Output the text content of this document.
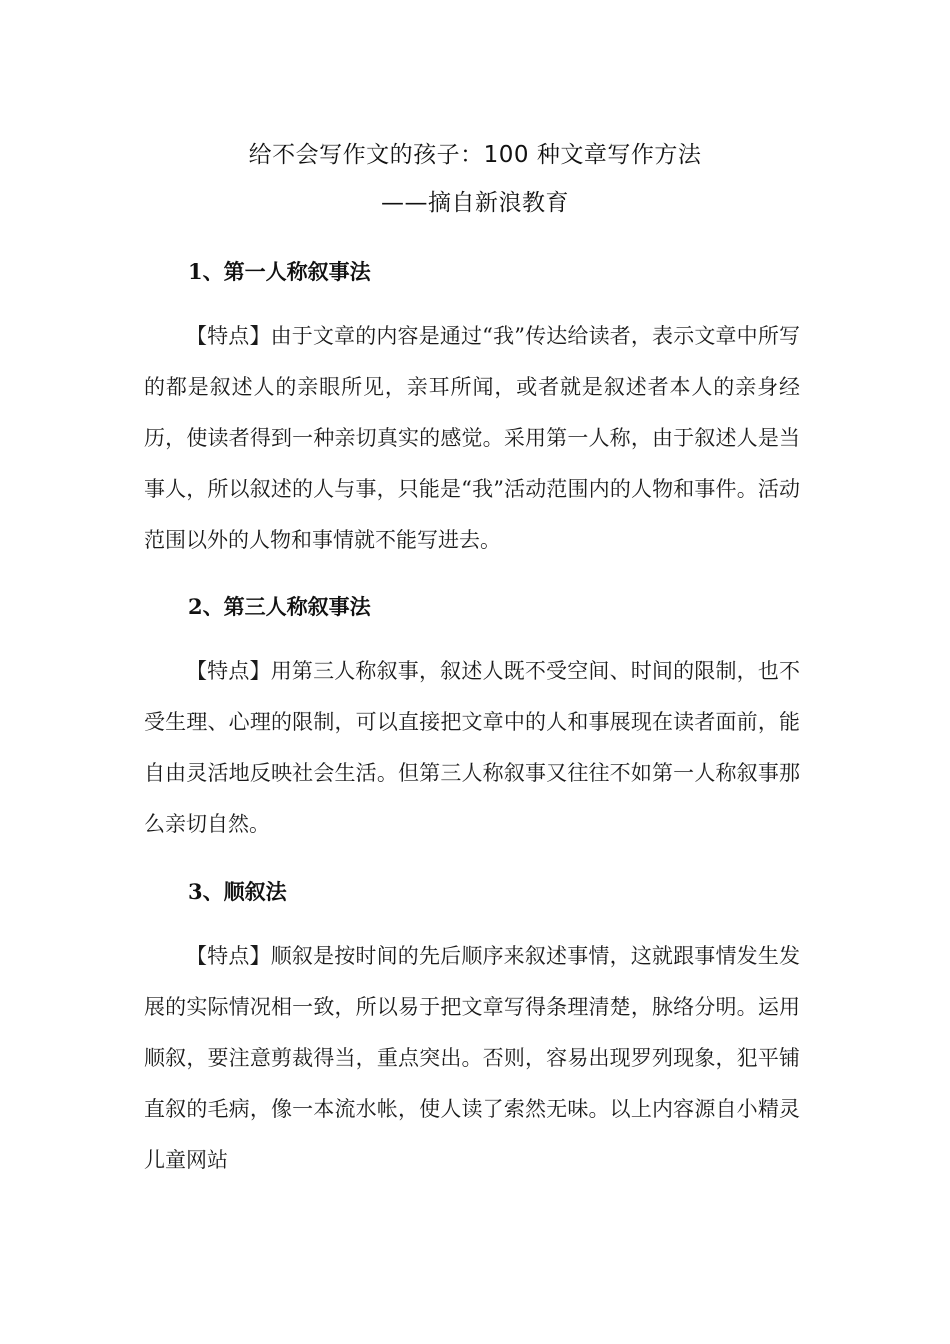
给不会写作文的孩子：100 种文章写作方法
——摘自新浪教育
1、第一人称叙事法

【特点】由于文章的内容是通过“我”传达给读者，表示文章中所写的都是叙述人的亲眼所见，亲耳所闻，或者就是叙述者本人的亲身经历，使读者得到一种亲切真实的感觉。采用第一人称，由于叙述人是当事人，所以叙述的人与事，只能是“我”活动范围内的人物和事件。活动范围以外的人物和事情就不能写进去。

2、第三人称叙事法

【特点】用第三人称叙事，叙述人既不受空间、时间的限制，也不受生理、心理的限制，可以直接把文章中的人和事展现在读者面前，能自由灵活地反映社会生活。但第三人称叙事又往往不如第一人称叙事那么亲切自然。

3、顺叙法

【特点】顺叙是按时间的先后顺序来叙述事情，这就跟事情发生发展的实际情况相一致，所以易于把文章写得条理清楚，脉络分明。运用顺叙，要注意剪裁得当，重点突出。否则，容易出现罗列现象，犯平铺直叙的毛病，像一本流水帐，使人读了索然无味。以上内容源自小精灵儿童网站
